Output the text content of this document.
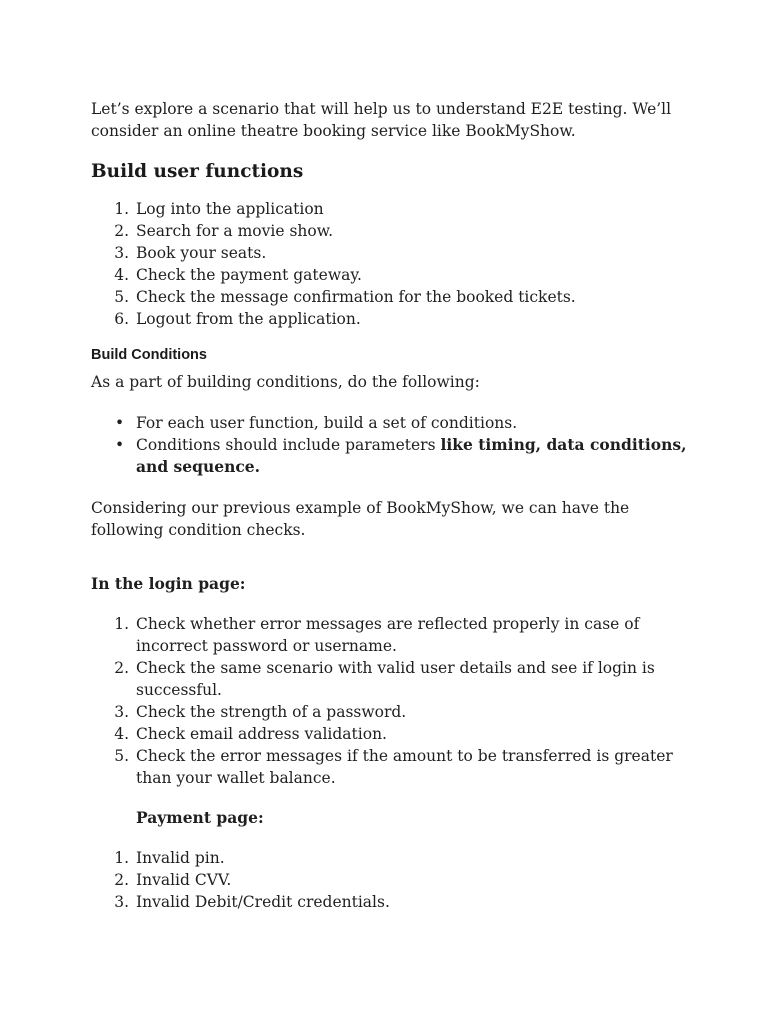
Let’s explore a scenario that will help us to understand E2E testing. We’ll consider an online theatre booking service like BookMyShow.

Build user functions
1. Log into the application
2. Search for a movie show.
3. Book your seats.
4. Check the payment gateway.
5. Check the message confirmation for the booked tickets.
6. Logout from the application.
Build Conditions

As a part of building conditions, do the following:

• For each user function, build a set of conditions.
• Conditions should include parameters like timing, data conditions, and sequence.

Considering our previous example of BookMyShow, we can have the following condition checks.

In the login page:

1. Check whether error messages are reflected properly in case of incorrect password or username.
2. Check the same scenario with valid user details and see if login is successful.
3. Check the strength of a password.
4. Check email address validation.
5. Check the error messages if the amount to be transferred is greater than your wallet balance.

Payment page:

1. Invalid pin.
2. Invalid CVV.
3. Invalid Debit/Credit credentials.
